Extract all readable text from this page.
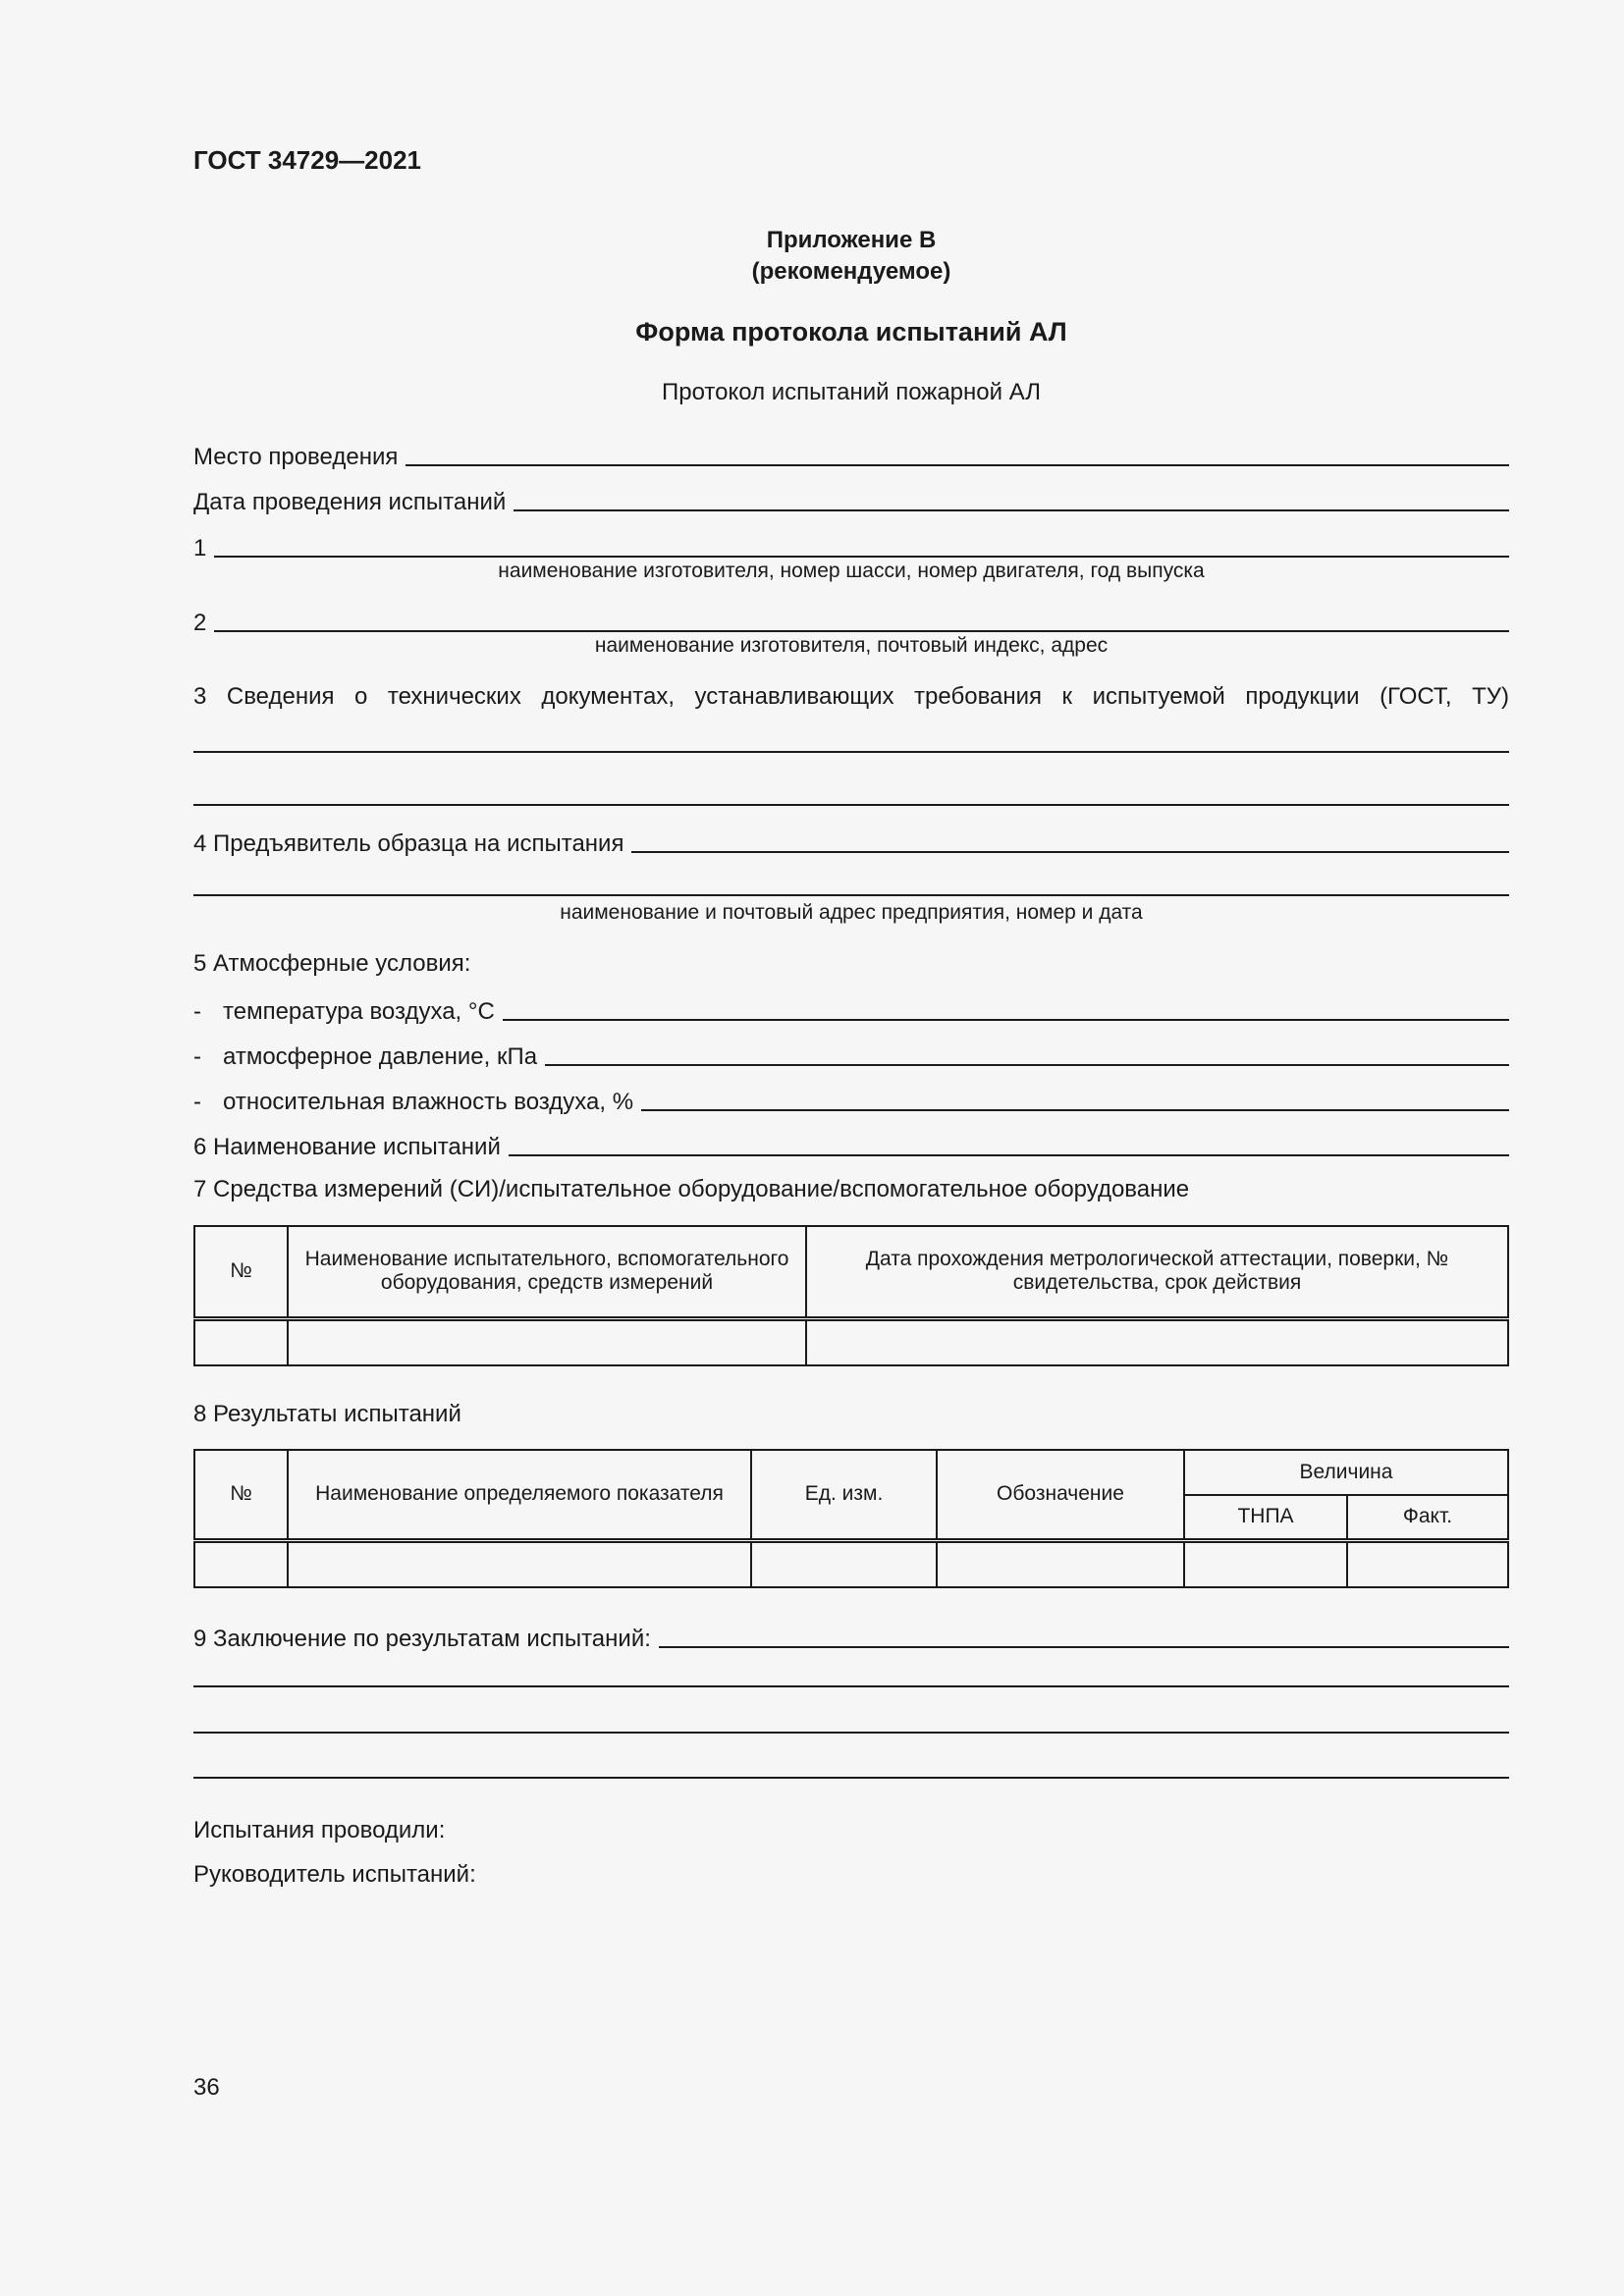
ГОСТ 34729—2021
Приложение В
(рекомендуемое)
Форма протокола испытаний АЛ
Протокол испытаний пожарной АЛ
Место проведения
Дата проведения испытаний
1
наименование изготовителя, номер шасси, номер двигателя, год выпуска
2
наименование изготовителя, почтовый индекс, адрес
3 Сведения о технических документах, устанавливающих требования к испытуемой продукции (ГОСТ, ТУ)
4 Предъявитель образца на испытания
наименование и почтовый адрес предприятия, номер и дата
5 Атмосферные условия:
- температура воздуха, °С
- атмосферное давление, кПа
- относительная влажность воздуха, %
6 Наименование испытаний
7 Средства измерений (СИ)/испытательное оборудование/вспомогательное оборудование
№	Наименование испытательного, вспомогательного оборудования, средств измерений	Дата прохождения метрологической аттестации, поверки, № свидетельства, срок действия

8 Результаты испытаний
№	Наименование определяемого показателя	Ед. изм.	Обозначение	Величина	
				ТНПА	Факт.

9 Заключение по результатам испытаний:
Испытания проводили:
Руководитель испытаний:
36
